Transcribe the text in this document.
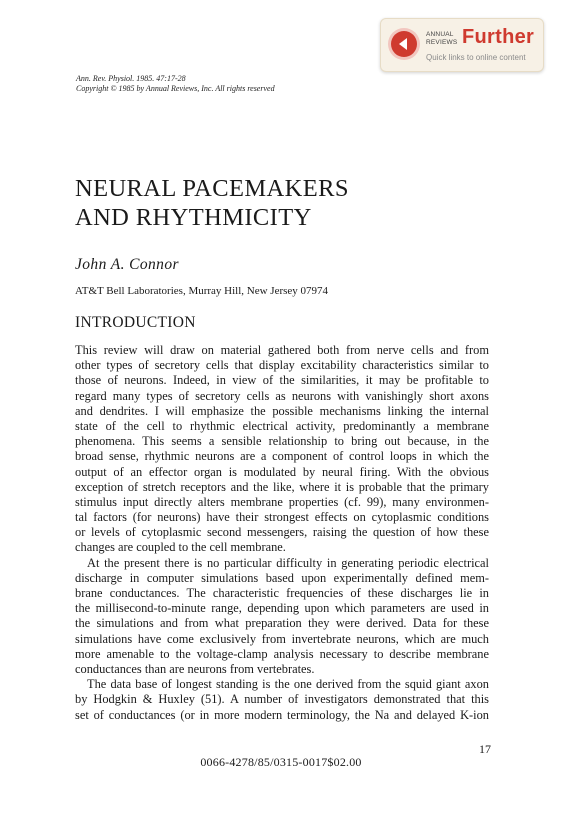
ANNUAL
REVIEWS Further
Quick links to online content
Ann. Rev. Physiol. 1985. 47:17-28
Copyright © 1985 by Annual Reviews, Inc. All rights reserved
NEURAL PACEMAKERS
AND RHYTHMICITY
John A. Connor
AT&T Bell Laboratories, Murray Hill, New Jersey 07974
INTRODUCTION
This review will draw on material gathered both from nerve cells and from
other types of secretory cells that display excitability characteristics similar to
those of neurons. Indeed, in view of the similarities, it may be profitable to
regard many types of secretory cells as neurons with vanishingly short axons
and dendrites. I will emphasize the possible mechanisms linking the internal
state of the cell to rhythmic electrical activity, predominantly a membrane
phenomena. This seems a sensible relationship to bring out because, in the
broad sense, rhythmic neurons are a component of control loops in which the
output of an effector organ is modulated by neural firing. With the obvious
exception of stretch receptors and the like, where it is probable that the primary
stimulus input directly alters membrane properties (cf. 99), many environmen-
tal factors (for neurons) have their strongest effects on cytoplasmic conditions
or levels of cytoplasmic second messengers, raising the question of how these
changes are coupled to the cell membrane.
At the present there is no particular difficulty in generating periodic electrical
discharge in computer simulations based upon experimentally defined mem-
brane conductances. The characteristic frequencies of these discharges lie in
the millisecond-to-minute range, depending upon which parameters are used in
the simulations and from what preparation they were derived. Data for these
simulations have come exclusively from invertebrate neurons, which are much
more amenable to the voltage-clamp analysis necessary to describe membrane
conductances than are neurons from vertebrates.
The data base of longest standing is the one derived from the squid giant axon
by Hodgkin & Huxley (51). A number of investigators demonstrated that this
set of conductances (or in more modern terminology, the Na and delayed K-ion
17
0066-4278/85/0315-0017$02.00
